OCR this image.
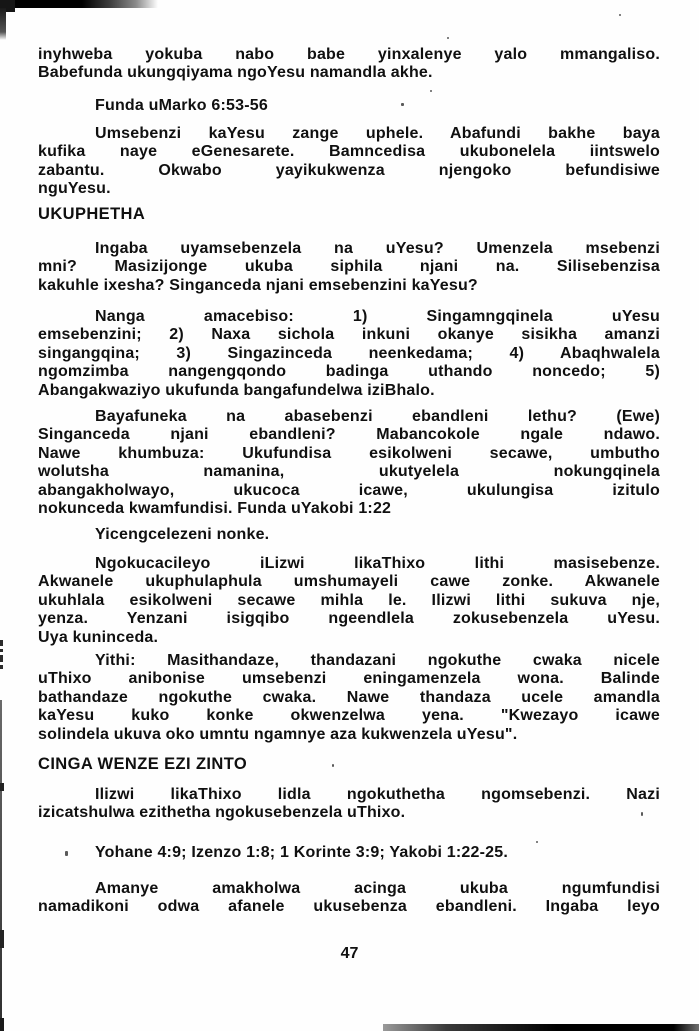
inyhweba yokuba nabo babe yinxalenye yalo mmangaliso.
Babefunda ukungqiyama ngoYesu namandla akhe.
Funda uMarko 6:53-56
Umsebenzi kaYesu zange uphele. Abafundi bakhe baya
kufika naye eGenesarete. Bamncedisa ukubonelela iintswelo
zabantu. Okwabo yayikukwenza njengoko befundisiwe
nguYesu.
UKUPHETHA
Ingaba uyamsebenzela na uYesu? Umenzela msebenzi
mni? Masizijonge ukuba siphila njani na. Silisebenzisa
kakuhle ixesha? Singanceda njani emsebenzini kaYesu?
Nanga amacebiso: 1) Singamngqinela uYesu
emsebenzini; 2) Naxa sichola inkuni okanye sisikha amanzi
singangqina; 3) Singazinceda neenkedama; 4) Abaqhwalela
ngomzimba nangengqondo badinga uthando noncedo; 5)
Abangakwaziyo ukufunda bangafundelwa iziBhalo.
Bayafuneka na abasebenzi ebandleni lethu? (Ewe)
Singanceda njani ebandleni? Mabancokole ngale ndawo.
Nawe khumbuza: Ukufundisa esikolweni secawe, umbutho
wolutsha namanina, ukutyelela nokungqinela
abangakholwayo, ukucoca icawe, ukulungisa izitulo
nokunceda kwamfundisi. Funda uYakobi 1:22
Yicengcelezeni nonke.
Ngokucacileyo iLizwi likaThixo lithi masisebenze.
Akwanele ukuphulaphula umshumayeli cawe zonke. Akwanele
ukuhlala esikolweni secawe mihla le. Ilizwi lithi sukuva nje,
yenza. Yenzani isigqibo ngeendlela zokusebenzela uYesu.
Uya kuninceda.
Yithi: Masithandaze, thandazani ngokuthe cwaka nicele
uThixo anibonise umsebenzi eningamenzela wona. Balinde
bathandaze ngokuthe cwaka. Nawe thandaza ucele amandla
kaYesu kuko konke okwenzelwa yena. "Kwezayo icawe
solindela ukuva oko umntu ngamnye aza kukwenzela uYesu".
CINGA WENZE EZI ZINTO
Ilizwi likaThixo lidla ngokuthetha ngomsebenzi. Nazi
izicatshulwa ezithetha ngokusebenzela uThixo.
Yohane 4:9; Izenzo 1:8; 1 Korinte 3:9; Yakobi 1:22-25.
Amanye amakholwa acinga ukuba ngumfundisi
namadikoni odwa afanele ukusebenza ebandleni. Ingaba leyo
47
